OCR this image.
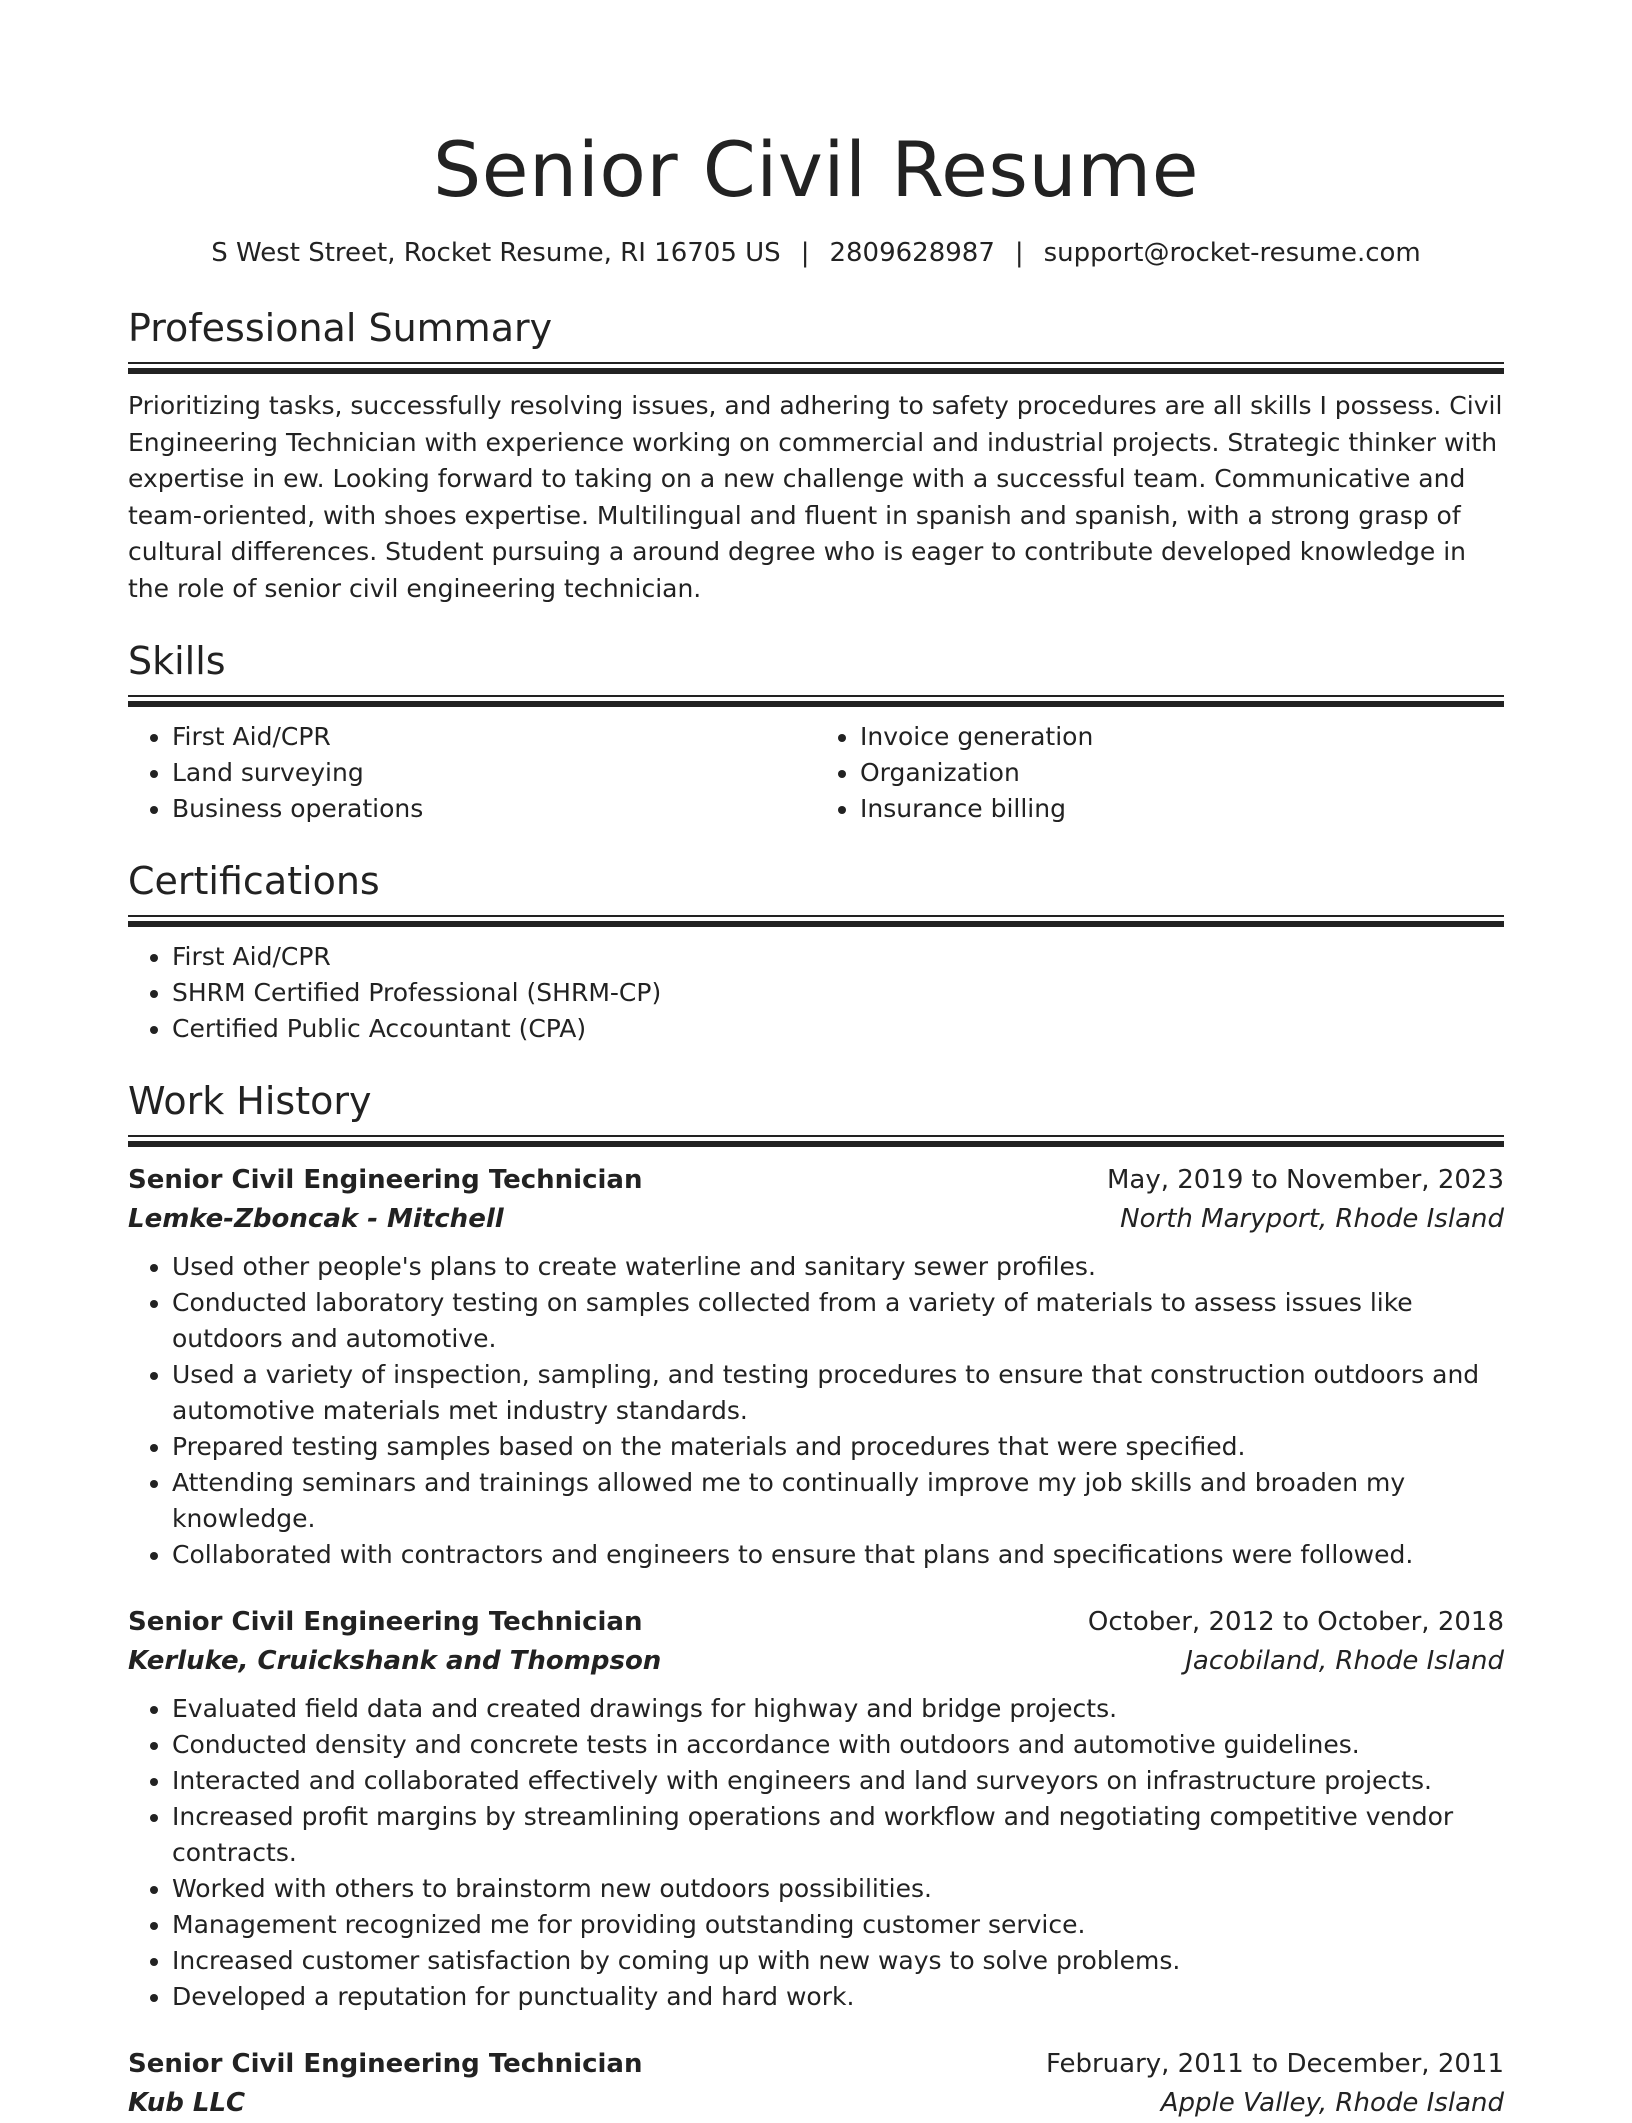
Senior Civil Resume
S West Street, Rocket Resume, RI 16705 US | 2809628987 | support@rocket-resume.com
Professional Summary

Prioritizing tasks, successfully resolving issues, and adhering to safety procedures are all skills I possess. Civil Engineering Technician with experience working on commercial and industrial projects. Strategic thinker with expertise in ew. Looking forward to taking on a new challenge with a successful team. Communicative and team-oriented, with shoes expertise. Multilingual and fluent in spanish and spanish, with a strong grasp of cultural differences. Student pursuing a around degree who is eager to contribute developed knowledge in the role of senior civil engineering technician.

Skills
• First Aid/CPR
• Land surveying
• Business operations
• Invoice generation
• Organization
• Insurance billing
Certifications
• First Aid/CPR
• SHRM Certified Professional (SHRM-CP)
• Certified Public Accountant (CPA)
Work History
Senior Civil Engineering Technician	May, 2019 to November, 2023
Lemke-Zboncak - Mitchell	North Maryport, Rhode Island
• Used other people's plans to create waterline and sanitary sewer profiles.
• Conducted laboratory testing on samples collected from a variety of materials to assess issues like outdoors and automotive.
• Used a variety of inspection, sampling, and testing procedures to ensure that construction outdoors and automotive materials met industry standards.
• Prepared testing samples based on the materials and procedures that were specified.
• Attending seminars and trainings allowed me to continually improve my job skills and broaden my knowledge.
• Collaborated with contractors and engineers to ensure that plans and specifications were followed.
Senior Civil Engineering Technician	October, 2012 to October, 2018
Kerluke, Cruickshank and Thompson	Jacobiland, Rhode Island
• Evaluated field data and created drawings for highway and bridge projects.
• Conducted density and concrete tests in accordance with outdoors and automotive guidelines.
• Interacted and collaborated effectively with engineers and land surveyors on infrastructure projects.
• Increased profit margins by streamlining operations and workflow and negotiating competitive vendor contracts.
• Worked with others to brainstorm new outdoors possibilities.
• Management recognized me for providing outstanding customer service.
• Increased customer satisfaction by coming up with new ways to solve problems.
• Developed a reputation for punctuality and hard work.
Senior Civil Engineering Technician	February, 2011 to December, 2011
Kub LLC	Apple Valley, Rhode Island
